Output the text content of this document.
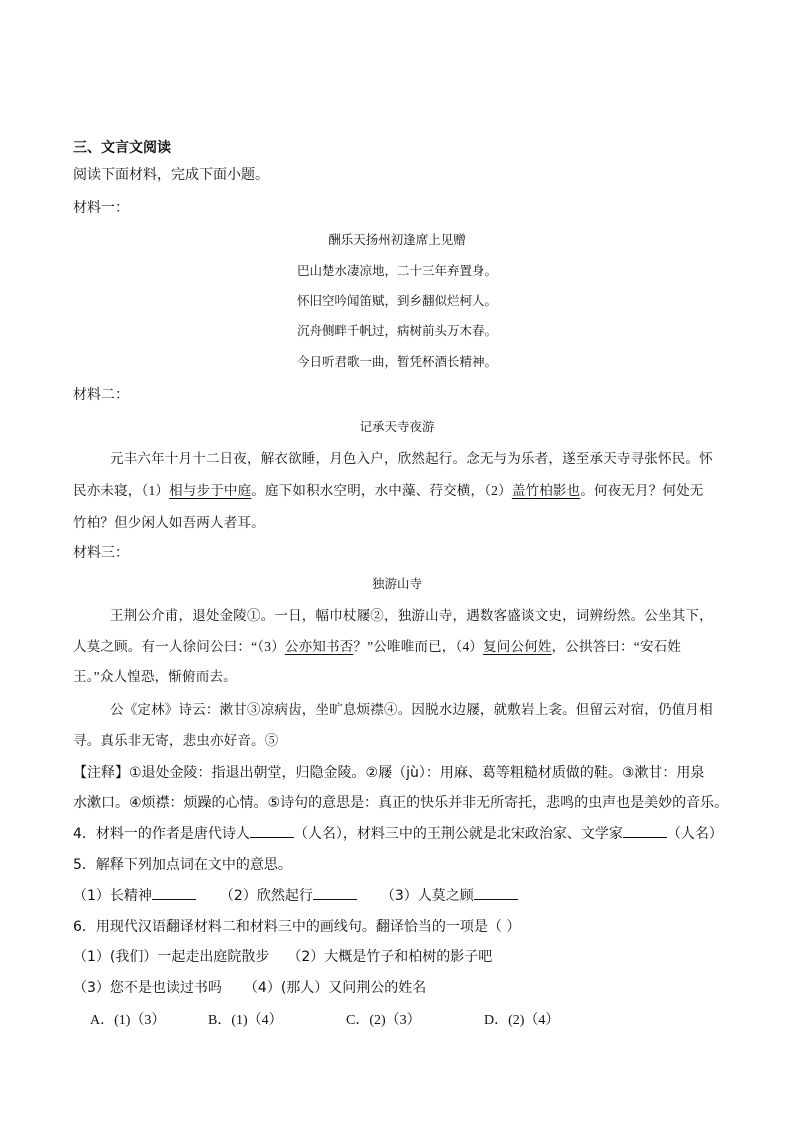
三、文言文阅读
阅读下面材料，完成下面小题。
材料一：
酬乐天扬州初逢席上见赠
巴山楚水凄凉地，二十三年弃置身。
怀旧空吟闻笛赋，到乡翻似烂柯人。
沉舟侧畔千帆过，病树前头万木春。
今日听君歌一曲，暂凭杯酒长精神。
材料二：
记承天寺夜游
元丰六年十月十二日夜，解衣欲睡，月色入户，欣然起行。念无与为乐者，遂至承天寺寻张怀民。怀
民亦未寝，（1）相与步于中庭。庭下如积水空明，水中藻、荇交横，（2）盖竹柏影也。何夜无月？何处无
竹柏？但少闲人如吾两人者耳。
材料三：
独游山寺
王荆公介甫，退处金陵①。一日，幅巾杖屦②，独游山寺，遇数客盛谈文史，词辨纷然。公坐其下，
人莫之顾。有一人徐问公曰：“（3）公亦知书否？”公唯唯而已，（4）复问公何姓，公拱答曰：“安石姓
王。”众人惶恐，惭俯而去。
公《定林》诗云：漱甘③凉病齿，坐旷息烦襟④。因脱水边屦，就敷岩上衾。但留云对宿，仍值月相
寻。真乐非无寄，悲虫亦好音。⑤
【注释】①退处金陵：指退出朝堂，归隐金陵。②屦（jù）：用麻、葛等粗糙材质做的鞋。③漱甘：用泉
水漱口。④烦襟：烦躁的心情。⑤诗句的意思是：真正的快乐并非无所寄托，悲鸣的虫声也是美妙的音乐。
4．材料一的作者是唐代诗人	（人名），材料三中的王荆公就是北宋政治家、文学家	（人名）
5．解释下列加点词在文中的意思。
（1）长精神	（2）欣然起行	（3）人莫之顾
6．用现代汉语翻译材料二和材料三中的画线句。翻译恰当的一项是（ ）
（1）(我们）一起走出庭院散步 （2）大概是竹子和柏树的影子吧
（3）您不是也读过书吗 （4）(那人）又问荆公的姓名
A．(1)（3）	B．(1)（4）	C．(2)（3）	D．(2)（4）
